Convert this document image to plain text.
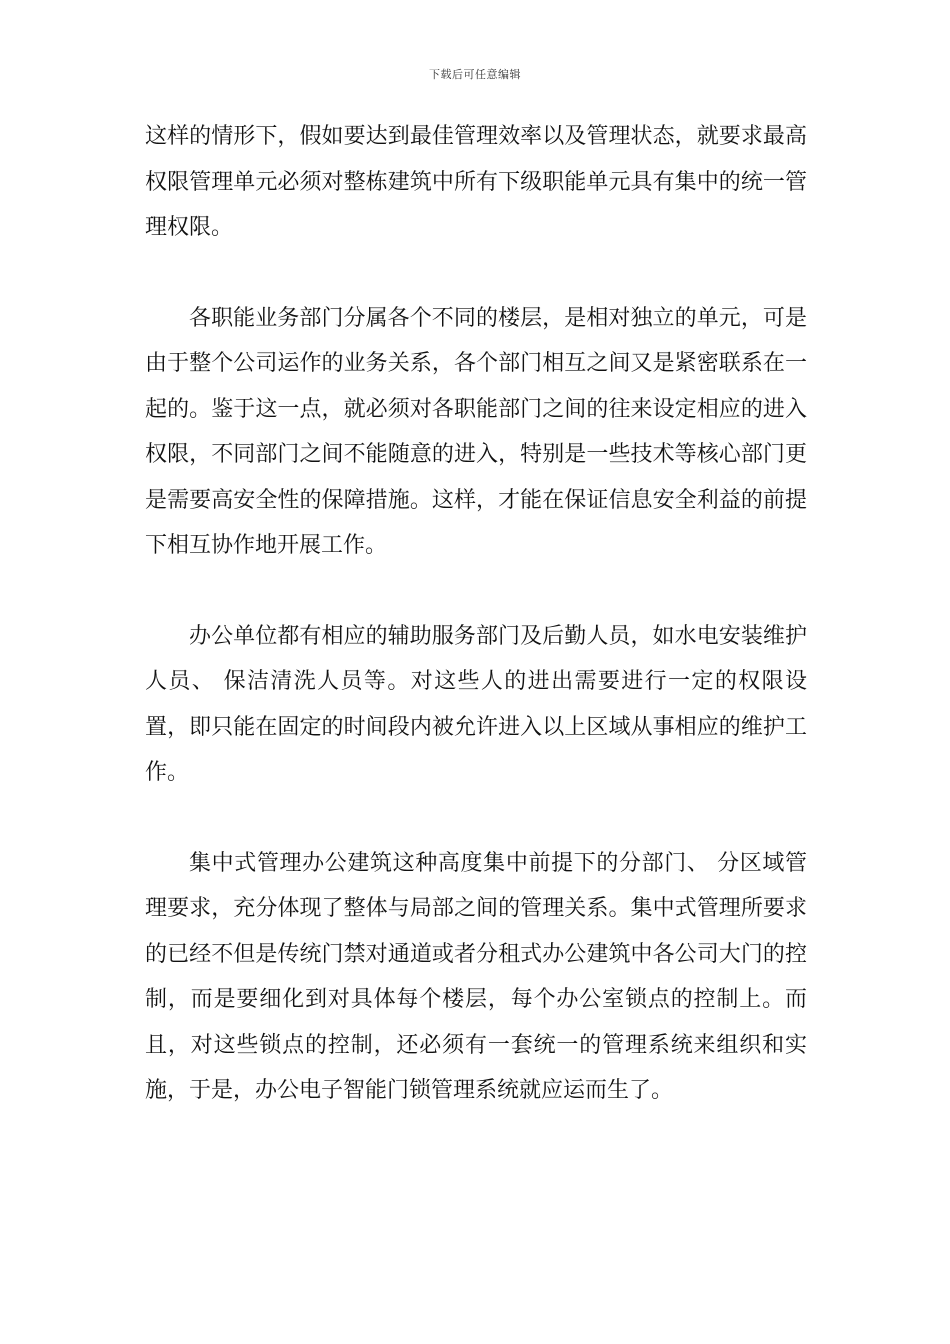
下载后可任意编辑

这样的情形下，假如要达到最佳管理效率以及管理状态，就要求最高权限管理单元必须对整栋建筑中所有下级职能单元具有集中的统一管理权限。

各职能业务部门分属各个不同的楼层，是相对独立的单元，可是由于整个公司运作的业务关系，各个部门相互之间又是紧密联系在一起的。鉴于这一点，就必须对各职能部门之间的往来设定相应的进入权限，不同部门之间不能随意的进入，特别是一些技术等核心部门更是需要高安全性的保障措施。这样，才能在保证信息安全利益的前提下相互协作地开展工作。

办公单位都有相应的辅助服务部门及后勤人员，如水电安装维护人员、 保洁清洗人员等。对这些人的进出需要进行一定的权限设置，即只能在固定的时间段内被允许进入以上区域从事相应的维护工作。

集中式管理办公建筑这种高度集中前提下的分部门、 分区域管理要求，充分体现了整体与局部之间的管理关系。集中式管理所要求的已经不但是传统门禁对通道或者分租式办公建筑中各公司大门的控制，而是要细化到对具体每个楼层，每个办公室锁点的控制上。而且，对这些锁点的控制，还必须有一套统一的管理系统来组织和实施，于是，办公电子智能门锁管理系统就应运而生了。
